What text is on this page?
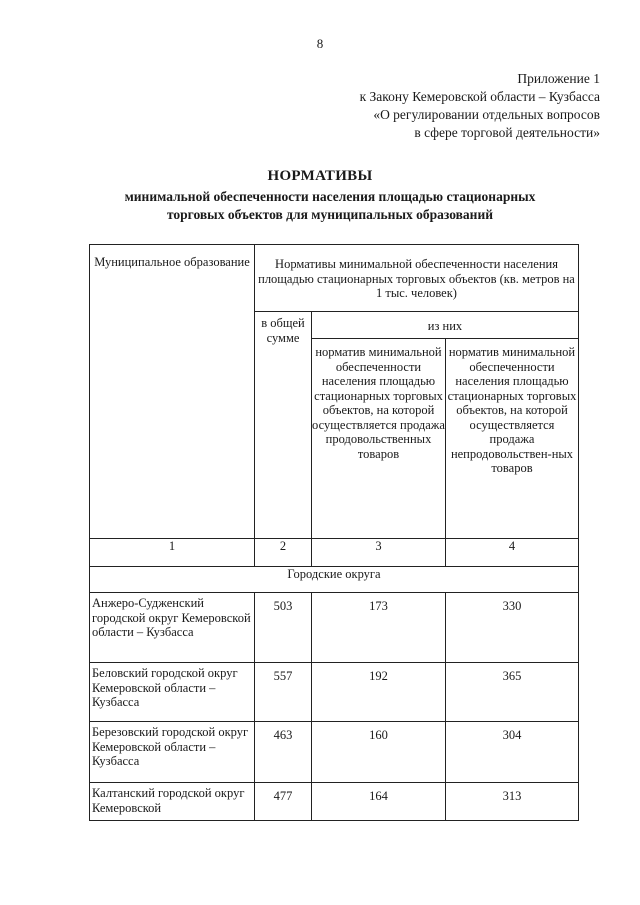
8
Приложение 1
к Закону Кемеровской области – Кузбасса
«О регулировании отдельных вопросов
в сфере торговой деятельности»
НОРМАТИВЫ
минимальной обеспеченности населения площадью стационарных
торговых объектов для муниципальных образований
Муниципальное образование	Нормативы минимальной обеспеченности населения площадью стационарных торговых объектов (кв. метров на 1 тыс. человек)		
	в общей сумме	из них	
		норматив минимальной обеспеченности населения площадью стационарных торговых объектов, на которой осуществляется продажа продовольственных товаров	норматив минимальной обеспеченности населения площадью стационарных торговых объектов, на которой осуществляется продажа непродовольствен-ных товаров
1	2	3	4
Городские округа			
Анжеро-Судженский городской округ Кемеровской области – Кузбасса	503	173	330
Беловский городской округ Кемеровской области – Кузбасса	557	192	365
Березовский городской округ Кемеровской области – Кузбасса	463	160	304
Калтанский городской округ Кемеровской	477	164	313
